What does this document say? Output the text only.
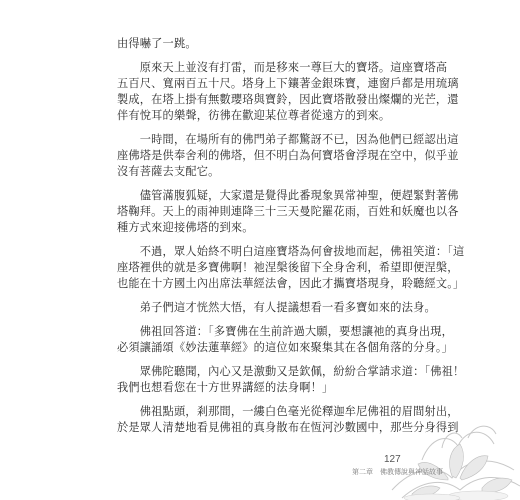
由得嚇了一跳。
　　原來天上並沒有打雷，而是移來一尊巨大的寶塔。這座寶塔高
五百尺、寬兩百五十尺。塔身上下鑲著金銀珠寶，連窗戶都是用琉璃
製成，在塔上掛有無數瓔珞與寶鈴，因此寶塔散發出燦爛的光芒，還
伴有悅耳的樂聲，彷彿在歡迎某位尊者從遠方的到來。
　　一時間，在場所有的佛門弟子都驚訝不已，因為他們已經認出這
座佛塔是供奉舍利的佛塔，但不明白為何寶塔會浮現在空中，似乎並
沒有菩薩去支配它。
　　儘管滿腹狐疑，大家還是覺得此番現象異常神聖，便趕緊對著佛
塔鞠拜。天上的雨神則連降三十三天曼陀羅花雨，百姓和妖魔也以各
種方式來迎接佛塔的到來。
　　不過，眾人始終不明白這座寶塔為何會拔地而起，佛祖笑道：「這
座塔裡供的就是多寶佛啊！祂涅槃後留下全身舍利，希望即便涅槃，
也能在十方國土內出席法華經法會，因此才攜寶塔現身，聆聽經文。」
　　弟子們這才恍然大悟，有人提議想看一看多寶如來的法身。
　　佛祖回答道：「多寶佛在生前許過大願，要想讓祂的真身出現，
必須讓誦頌《妙法蓮華經》的這位如來聚集其在各個角落的分身。」
　　眾佛陀聽聞，內心又是激動又是欽佩，紛紛合掌請求道：「佛祖！
我們也想看您在十方世界講經的法身啊！」
　　佛祖點頭，剎那間，一縷白色毫光從釋迦牟尼佛祖的眉間射出，
於是眾人清楚地看見佛祖的真身散布在恆河沙數國中，那些分身得到
127
第二章　佛教傳說與神話故事
